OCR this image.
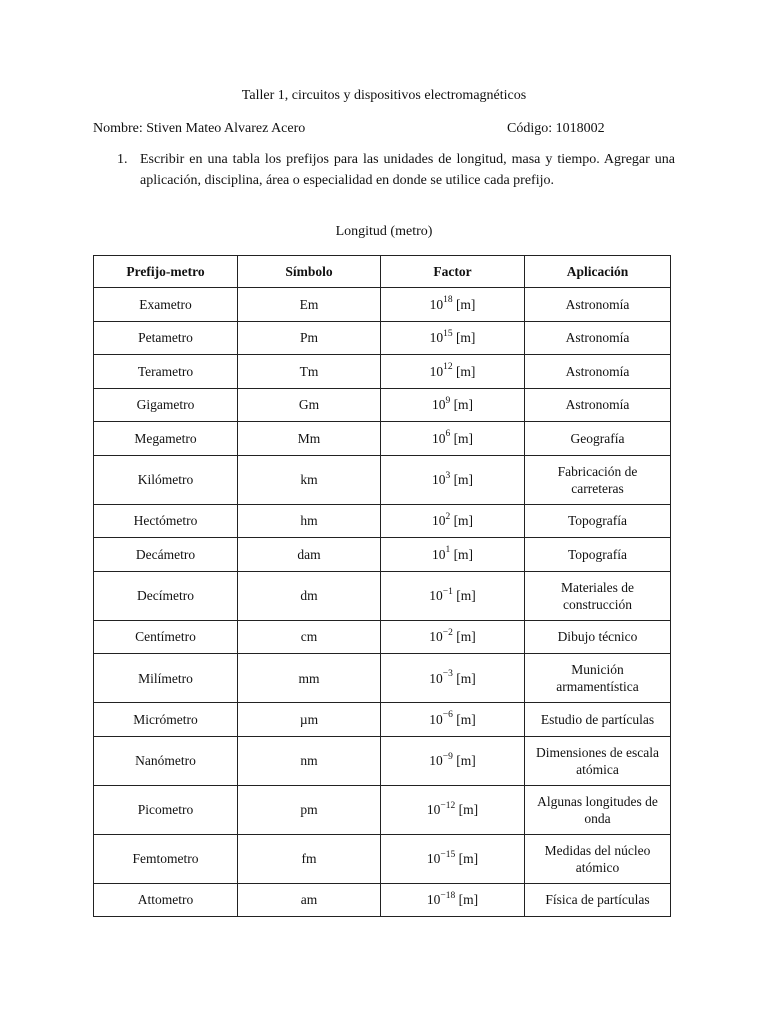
Taller 1, circuitos y dispositivos electromagnéticos
Nombre: Stiven Mateo Alvarez Acero	Código: 1018002
1. Escribir en una tabla los prefijos para las unidades de longitud, masa y tiempo. Agregar una aplicación, disciplina, área o especialidad en donde se utilice cada prefijo.
Longitud (metro)
Prefijo-metro	Símbolo	Factor	Aplicación
Exametro	Em	$10^{18}$ [m]	Astronomía
Petametro	Pm	$10^{15}$ [m]	Astronomía
Terametro	Tm	$10^{12}$ [m]	Astronomía
Gigametro	Gm	$10^9$ [m]	Astronomía
Megametro	Mm	$10^6$ [m]	Geografía
Kilómetro	km	$10^3$ [m]	Fabricación de carreteras
Hectómetro	hm	$10^2$ [m]	Topografía
Decámetro	dam	$10^1$ [m]	Topografía
Decímetro	dm	$10^{-1}$ [m]	Materiales de construcción
Centímetro	cm	$10^{-2}$ [m]	Dibujo técnico
Milímetro	mm	$10^{-3}$ [m]	Munición armamentística
Micrómetro	µm	$10^{-6}$ [m]	Estudio de partículas
Nanómetro	nm	$10^{-9}$ [m]	Dimensiones de escala atómica
Picometro	pm	$10^{-12}$ [m]	Algunas longitudes de onda
Femtometro	fm	$10^{-15}$ [m]	Medidas del núcleo atómico
Attometro	am	$10^{-18}$ [m]	Física de partículas
